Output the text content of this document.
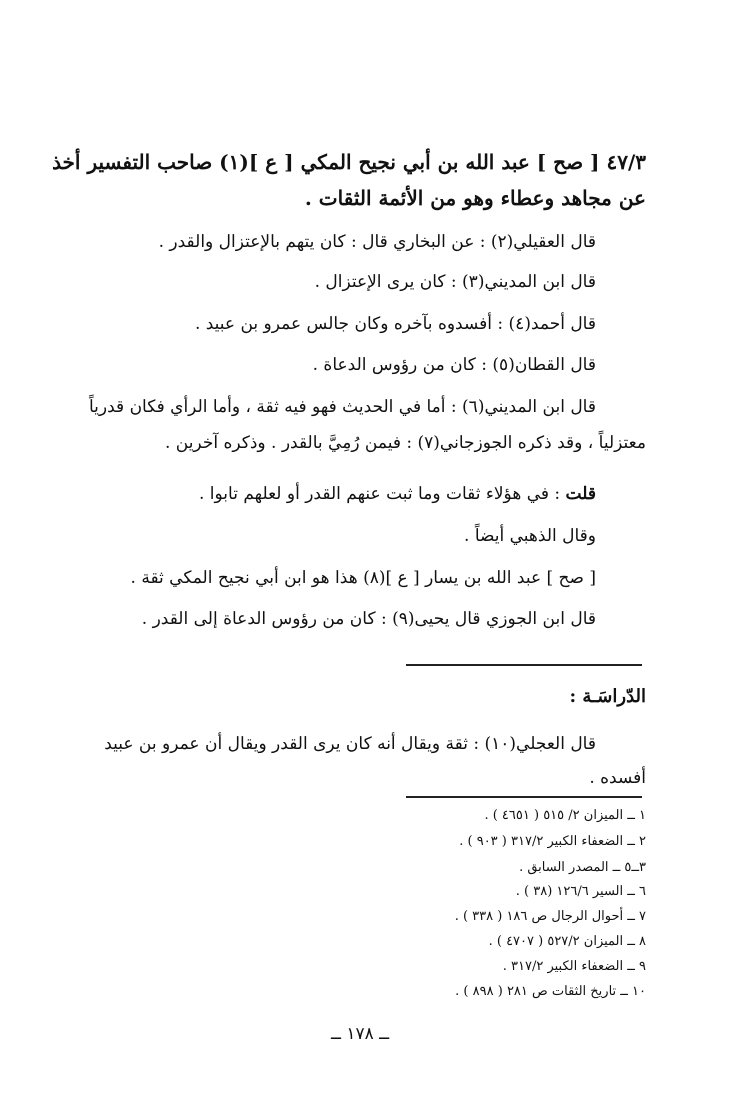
٤٧/٣ [ صح ] عبد الله بن أبي نجيح المكي [ ع ](١) صاحب التفسير أخذ
عن مجاهد وعطاء وهو من الأئمة الثقات .
قال العقيلي(٢) : عن البخاري قال : كان يتهم بالإعتزال والقدر .
قال ابن المديني(٣) : كان يرى الإعتزال .
قال أحمد(٤) : أفسدوه بآخره وكان جالس عمرو بن عبيد .
قال القطان(٥) : كان من رؤوس الدعاة .
قال ابن المديني(٦) : أما في الحديث فهو فيه ثقة ، وأما الرأي فكان قدرياً
معتزلياً ، وقد ذكره الجوزجاني(٧) : فيمن رُمِيَّ بالقدر . وذكره آخرين .
قلت : في هؤلاء ثقات وما ثبت عنهم القدر أو لعلهم تابوا .
وقال الذهبي أيضاً .
[ صح ] عبد الله بن يسار [ ع ](٨) هذا هو ابن أبي نجيح المكي ثقة .
قال ابن الجوزي قال يحيى(٩) : كان من رؤوس الدعاة إلى القدر .
الدّراسَـة :
قال العجلي(١٠) : ثقة ويقال أنه كان يرى القدر ويقال أن عمرو بن عبيد
أفسده .
١ ــ الميزان ٢/ ٥١٥ ( ٤٦٥١ ) .
٢ ــ الضعفاء الكبير ٣١٧/٢ ( ٩٠٣ ) .
٣ــ٥ ــ المصدر السابق .
٦ ــ السير ١٢٦/٦ (٣٨ ) .
٧ ــ أحوال الرجال ص ١٨٦ ( ٣٣٨ ) .
٨ ــ الميزان ٥٢٧/٢ ( ٤٧٠٧ ) .
٩ ــ الضعفاء الكبير ٣١٧/٢ .
١٠ ــ تاريخ الثقات ص ٢٨١ ( ٨٩٨ ) .
ــ ١٧٨ ــ
